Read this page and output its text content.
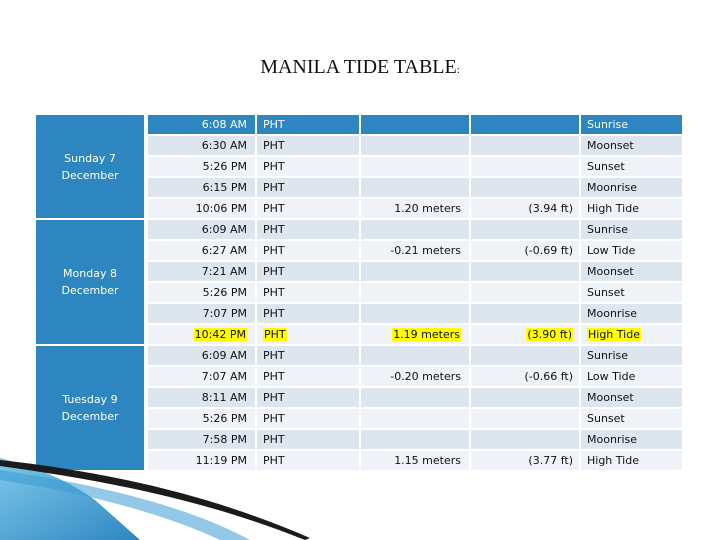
MANILA TIDE TABLE:
Sunday 7 December	6:08 AM	PHT			Sunrise
	6:30 AM	PHT			Moonset
	5:26 PM	PHT			Sunset
	6:15 PM	PHT			Moonrise
	10:06 PM	PHT	1.20 meters	(3.94 ft)	High Tide
Monday 8 December	6:09 AM	PHT			Sunrise
	6:27 AM	PHT	-0.21 meters	(-0.69 ft)	Low Tide
	7:21 AM	PHT			Moonset
	5:26 PM	PHT			Sunset
	7:07 PM	PHT			Moonrise
	10:42 PM	PHT	1.19 meters	(3.90 ft)	High Tide
Tuesday 9 December	6:09 AM	PHT			Sunrise
	7:07 AM	PHT	-0.20 meters	(-0.66 ft)	Low Tide
	8:11 AM	PHT			Moonset
	5:26 PM	PHT			Sunset
	7:58 PM	PHT			Moonrise
	11:19 PM	PHT	1.15 meters	(3.77 ft)	High Tide
